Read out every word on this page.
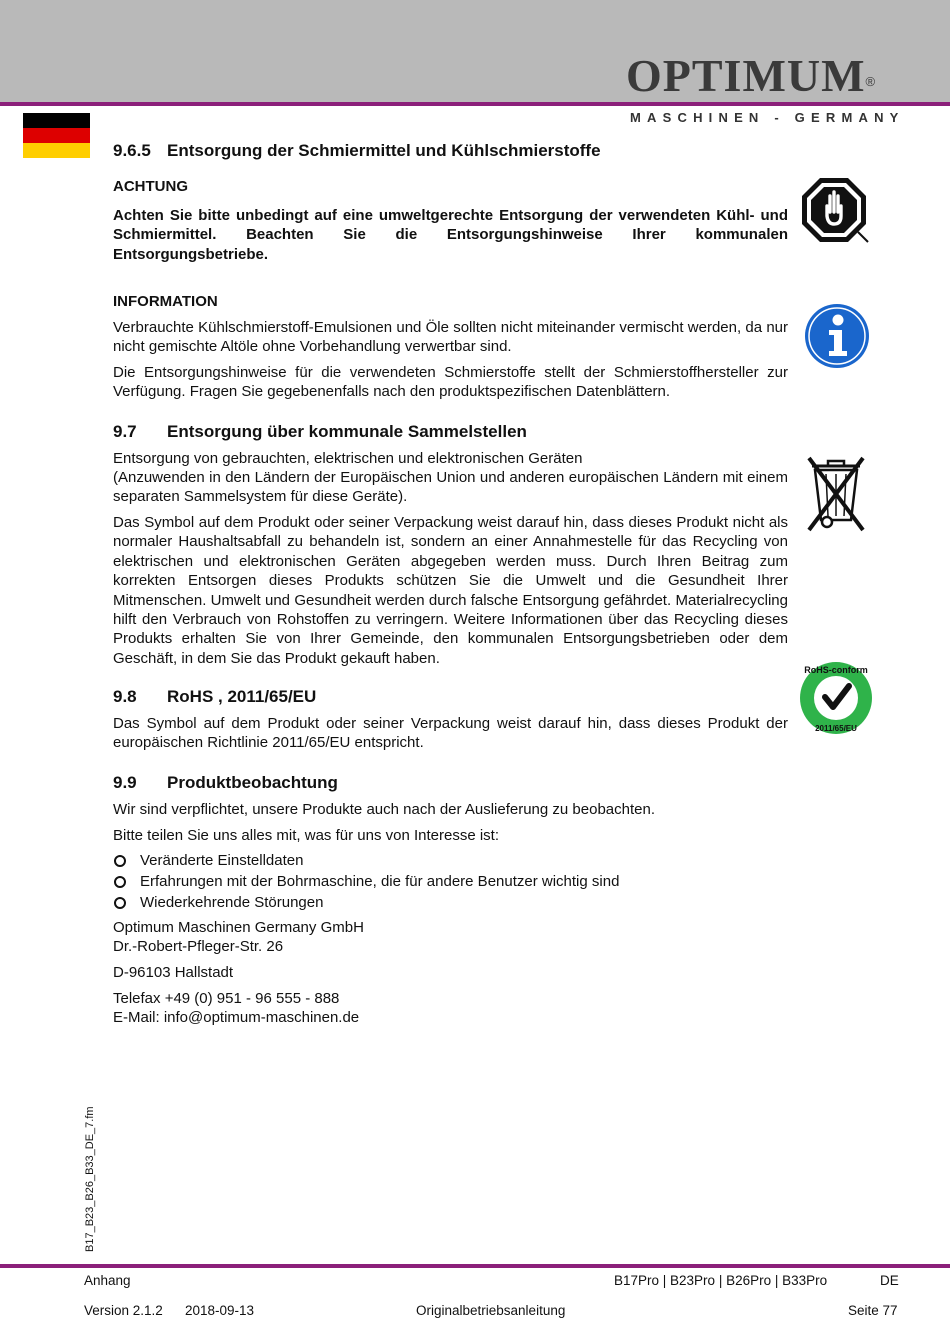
OPTIMUM®
MASCHINEN - GERMANY
9.6.5 Entsorgung der Schmiermittel und Kühlschmierstoffe
ACHTUNG

Achten Sie bitte unbedingt auf eine umweltgerechte Entsorgung der verwendeten Kühl- und Schmiermittel. Beachten Sie die Entsorgungshinweise Ihrer kommunalen Entsorgungsbetriebe.

INFORMATION

Verbrauchte Kühlschmierstoff-Emulsionen und Öle sollten nicht miteinander vermischt werden, da nur nicht gemischte Altöle ohne Vorbehandlung verwertbar sind.

Die Entsorgungshinweise für die verwendeten Schmierstoffe stellt der Schmierstoffhersteller zur Verfügung. Fragen Sie gegebenenfalls nach den produktspezifischen Datenblättern.

9.7 Entsorgung über kommunale Sammelstellen

Entsorgung von gebrauchten, elektrischen und elektronischen Geräten

(Anzuwenden in den Ländern der Europäischen Union und anderen europäischen Ländern mit einem separaten Sammelsystem für diese Geräte).

Das Symbol auf dem Produkt oder seiner Verpackung weist darauf hin, dass dieses Produkt nicht als normaler Haushaltsabfall zu behandeln ist, sondern an einer Annahmestelle für das Recycling von elektrischen und elektronischen Geräten abgegeben werden muss. Durch Ihren Beitrag zum korrekten Entsorgen dieses Produkts schützen Sie die Umwelt und die Gesundheit Ihrer Mitmenschen. Umwelt und Gesundheit werden durch falsche Entsorgung gefährdet. Materialrecycling hilft den Verbrauch von Rohstoffen zu verringern. Weitere Informationen über das Recycling dieses Produkts erhalten Sie von Ihrer Gemeinde, den kommunalen Entsorgungsbetrieben oder dem Geschäft, in dem Sie das Produkt gekauft haben.

9.8 RoHS , 2011/65/EU

Das Symbol auf dem Produkt oder seiner Verpackung weist darauf hin, dass dieses Produkt der europäischen Richtlinie 2011/65/EU entspricht.

9.9 Produktbeobachtung

Wir sind verpflichtet, unsere Produkte auch nach der Auslieferung zu beobachten.

Bitte teilen Sie uns alles mit, was für uns von Interesse ist:

Veränderte Einstelldaten
Erfahrungen mit der Bohrmaschine, die für andere Benutzer wichtig sind
Wiederkehrende Störungen

Optimum Maschinen Germany GmbH

Dr.-Robert-Pfleger-Str. 26

D-96103 Hallstadt

Telefax +49 (0) 951 - 96 555 - 888

E-Mail: info@optimum-maschinen.de

RoHS-conform
2011/65/EU
B17_B23_B26_B33_DE_7.fm
Anhang	B17Pro | B23Pro | B26Pro | B33Pro	DE
Version 2.1.2 2018-09-13	Originalbetriebsanleitung	Seite 77
